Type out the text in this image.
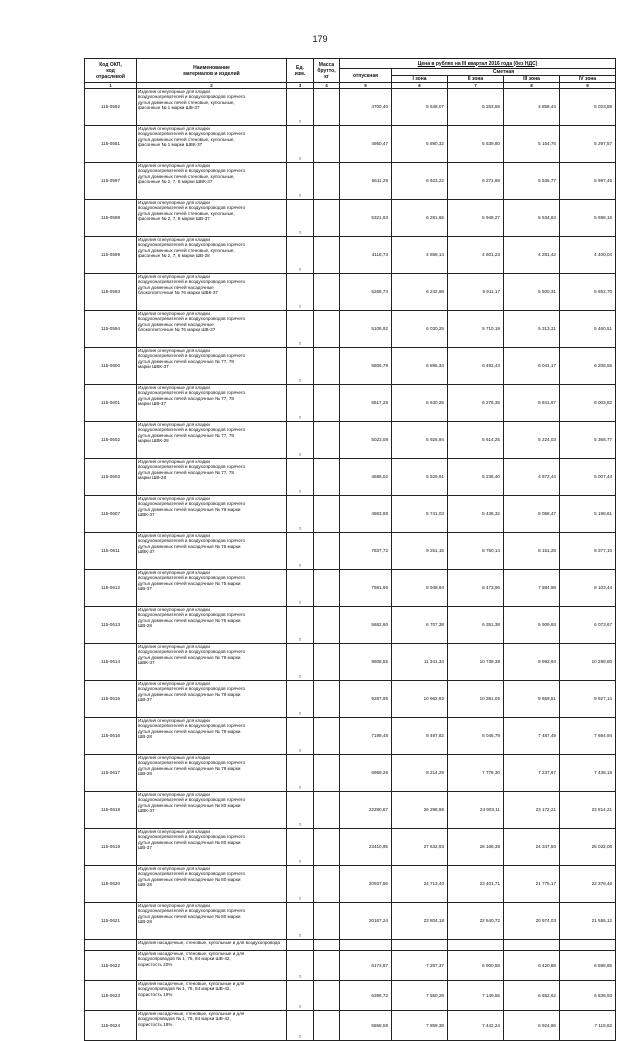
179
Код ОКП,
код
отраслевой	Наименование
материалов и изделий	Ед.
изм.	Масса
брутто,
кг	Цена в рублях на III квартал 2016 года (без НДС)				
				отпускная	Сметная			
					I зона	II зона	III зона	IV зона
1	2	3	4	5	6	7	8	9
115-0592	Изделия огнеупорные для кладки
воздухонагревателей и воздухопроводов горячего
дутья доменных печей стеновые, купольные,
фасонные № 1 марки ШВ-37	т		4700,40	5 548,07	5 253,59	4 858,44	5 023,88
115-0581	Изделия огнеупорные для кладки
воздухонагревателей и воздухопроводов горячего
дутья доменных печей стеновые, купольные,
фасонные № 1 марки ШВК-37	т		4950,47	5 890,32	5 539,80	5 154,76	5 297,57
115-0597	Изделия огнеупорные для кладки
воздухонагревателей и воздухопроводов горячего
дутья доменных печей стеновые, купольные,
фасонные № 2, 7, 8 марки ШВК-37	т		5611,29	6 623,22	6 271,69	5 535,77	5 997,45
115-0598	Изделия огнеупорные для кладки
воздухонагревателей и воздухопроводов горячего
дутья доменных печей стеновые, купольные,
фасонные № 2, 7, 8 марки ШВ-37	т		5321,93	6 281,66	5 948,27	5 534,84	5 688,16
115-0599	Изделия огнеупорные для кладки
воздухонагревателей и воздухопроводов горячего
дутья доменных печей стеновые, купольные,
фасонные № 2, 7, 8 марки ШВ-28	т		4116,73	4 859,14	4 601,23	4 281,42	4 400,04
115-0593	Изделия огнеупорные для кладки
воздухонагревателей и воздухопроводов горячего
дутья доменных печей насадочные
блокоплиточные № 76 марки ШВК-37	т		5268,74	6 242,98	5 911,17	5 500,31	5 652,70
115-0594	Изделия огнеупорные для кладки
воздухонагревателей и воздухопроводов горячего
дутья доменных печей насадочные
блокоплиточные № 76 марки ШВ-37	т		5108,92	6 030,25	5 710,19	5 313,31	5 460,51
115-0600	Изделия огнеупорные для кладки
воздухонагревателей и воздухопроводов горячего
дутья доменных печей насадочные № 77, 78
марки ШВК-37	т		5806,79	6 895,34	6 492,43	6 041,17	6 208,55
115-0601	Изделия огнеупорные для кладки
воздухонагревателей и воздухопроводов горячего
дутья доменных печей насадочные № 77, 78
марки ШВ-37	т		5617,25	6 630,26	6 278,35	5 841,97	6 003,82
115-0602	Изделия огнеупорные для кладки
воздухонагревателей и воздухопроводов горячего
дутья доменных печей насадочные № 77, 78
марки ШВК-28	т		5023,08	5 926,94	5 614,25	5 224,03	5 368,77
115-0603	Изделия огнеупорные для кладки
воздухонагревателей и воздухопроводов горячего
дутья доменных печей насадочные № 77, 78
марки ШВ-28	т		4685,02	5 529,91	5 236,40	4 872,44	5 007,44
115-0607	Изделия огнеупорные для кладки
воздухонагревателей и воздухопроводов горячего
дутья доменных печей насадочные № 76 марки
ШВК-37	т		4863,89	5 741,03	5 436,32	5 058,47	5 198,61
115-0611	Изделия огнеупорные для кладки
воздухонагревателей и воздухопроводов горячего
дутья доменных печей насадочные № 75 марки
ШВК-37	т		7837,72	9 251,15	8 760,14	8 151,28	8 377,10
115-0612	Изделия огнеупорные для кладки
воздухонагревателей и воздухопроводов горячего
дутья доменных печей насадочные № 75 марки
ШВ-37	т		7581,66	8 948,94	8 473,96	7 884,98	8 103,44
115-0613	Изделия огнеупорные для кладки
воздухонагревателей и воздухопроводов горячего
дутья доменных печей насадочные № 75 марки
ШВ-28	т		5682,60	6 707,38	6 351,38	5 909,93	6 073,67
115-0614	Изделия огнеупорные для кладки
воздухонагревателей и воздухопроводов горячего
дутья доменных печей насадочные № 79 марки
ШВК-37	т		9608,55	11 341,34	10 739,38	9 992,94	10 269,80
115-0615	Изделия огнеупорные для кладки
воздухонагревателей и воздухопроводов горячего
дутья доменных печей насадочные № 79 марки
ШВ-37	т		9287,95	10 962,92	10 381,05	9 659,51	9 927,14
115-0616	Изделия огнеупорные для кладки
воздухонагревателей и воздухопроводов горячего
дутья доменных печей насадочные № 79 марки
ШВ-28	т		7199,48	8 497,82	8 046,79	7 487,49	7 694,94
115-0617	Изделия огнеупорные для кладки
воздухонагревателей и воздухопроводов горячего
дутья доменных печей насадочные № 79 марки
ШВ-28	т		6959,26	8 214,29	7 778,30	7 237,67	7 438,19
115-0618	Изделия огнеупорные для кладки
воздухонагревателей и воздухопроводов горячего
дутья доменных печей насадочные № 80 марки
ШВК-37	т		22280,67	26 298,96	24 903,11	23 172,21	23 814,21
115-0619	Изделия огнеупорные для кладки
воздухонагревателей и воздухопроводов горячего
дутья доменных печей насадочные № 80 марки
ШВ-37	т		23410,95	27 632,93	26 166,38	24 347,50	25 022,06
115-0620	Изделия огнеупорные для кладки
воздухонагревателей и воздухопроводов горячего
дутья доменных печей насадочные № 80 марки
ШВ-28	т		20937,56	24 713,40	23 401,71	21 775,17	22 378,46
115-0621	Изделия огнеупорные для кладки
воздухонагревателей и воздухопроводов горячего
дутья доменных печей насадочные № 80 марки
ШВ-28	т		20167,24	23 804,18	22 540,72	20 974,03	21 555,12
	Изделия насадочные, стеновые, купольные и для воздухопровода							
115-0622	Изделия насадочные, стеновые, купольные и для
воздухопроводов № 1, 76, 84 марки ШВ-42,
пористость 20%	т		6173,87	7 287,37	6 900,58	6 420,88	6 598,85
115-0623	Изделия насадочные, стеновые, купольные и для
воздухопроводов № 1, 76, 84 марки ШВ-42,
пористость 19%	т		6396,72	7 550,28	7 149,55	6 652,62	6 836,93
115-0624	Изделия насадочные, стеновые, купольные и для
воздухопроводов № 1, 76, 84 марки ШВ-42,
пористость 18%	т		6658,59	7 859,38	7 442,24	6 924,96	7 116,82
